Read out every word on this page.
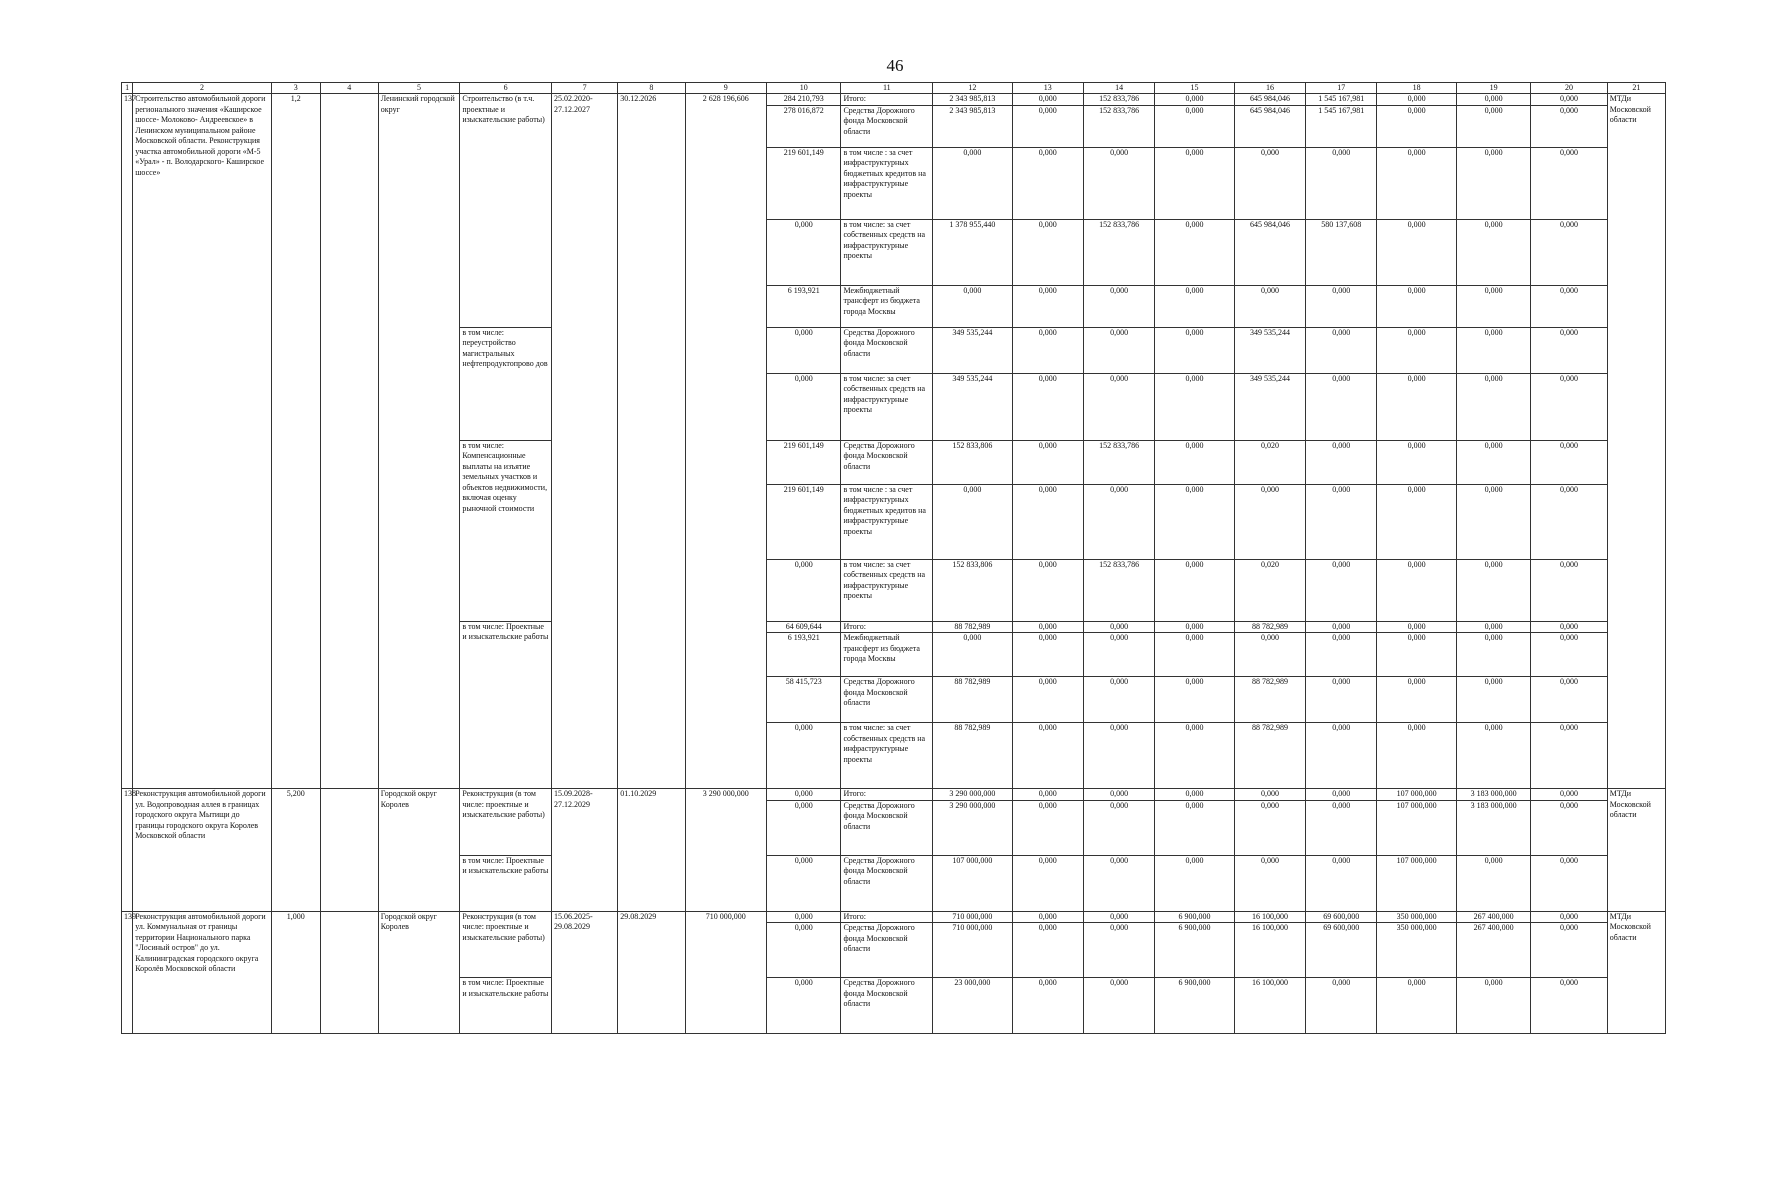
46
1	2	3	4	5	6	7	8	9	10	11	12	13	14	15	16	17	18	19	20	21
137	Строительство автомобильной дороги регионального значения «Каширское шоссе- Молоково- Андреевское» в Ленинском муниципальном районе Московской области. Реконструкция участка автомобильной дороги «М-5 «Урал» - п. Володарского- Каширское шоссе»	1,2		Ленинский городской округ	Строительство (в т.ч. проектные и изыскательские работы)	25.02.2020- 27.12.2027	30.12.2026	2 628 196,606	284 210,793	Итого:	2 343 985,813	0,000	152 833,786	0,000	645 984,046	1 545 167,981	0,000	0,000	0,000	МТДи Московской области
									278 016,872	Средства Дорожного фонда Московской области	2 343 985,813	0,000	152 833,786	0,000	645 984,046	1 545 167,981	0,000	0,000	0,000	
									219 601,149	в том числе : за счет инфраструктурных бюджетных кредитов на инфраструктурные проекты	0,000	0,000	0,000	0,000	0,000	0,000	0,000	0,000	0,000	
									0,000	в том числе: за счет собственных средств на инфраструктурные проекты	1 378 955,440	0,000	152 833,786	0,000	645 984,046	580 137,608	0,000	0,000	0,000	
									6 193,921	Межбюджетный трансферт из бюджета города Москвы	0,000	0,000	0,000	0,000	0,000	0,000	0,000	0,000	0,000	
					в том числе: переустройство магистральных нефтепродуктопрово дов				0,000	Средства Дорожного фонда Московской области	349 535,244	0,000	0,000	0,000	349 535,244	0,000	0,000	0,000	0,000	
									0,000	в том числе: за счет собственных средств на инфраструктурные проекты	349 535,244	0,000	0,000	0,000	349 535,244	0,000	0,000	0,000	0,000	
					в том числе: Компенсационные выплаты на изъятие земельных участков и объектов недвижимости, включая оценку рыночной стоимости				219 601,149	Средства Дорожного фонда Московской области	152 833,806	0,000	152 833,786	0,000	0,020	0,000	0,000	0,000	0,000	
									219 601,149	в том числе : за счет инфраструктурных бюджетных кредитов на инфраструктурные проекты	0,000	0,000	0,000	0,000	0,000	0,000	0,000	0,000	0,000	
									0,000	в том числе: за счет собственных средств на инфраструктурные проекты	152 833,806	0,000	152 833,786	0,000	0,020	0,000	0,000	0,000	0,000	
					в том числе: Проектные и изыскательские работы				64 609,644	Итого:	88 782,989	0,000	0,000	0,000	88 782,989	0,000	0,000	0,000	0,000	
									6 193,921	Межбюджетный трансферт из бюджета города Москвы	0,000	0,000	0,000	0,000	0,000	0,000	0,000	0,000	0,000	
									58 415,723	Средства Дорожного фонда Московской области	88 782,989	0,000	0,000	0,000	88 782,989	0,000	0,000	0,000	0,000	
									0,000	в том числе: за счет собственных средств на инфраструктурные проекты	88 782,989	0,000	0,000	0,000	88 782,989	0,000	0,000	0,000	0,000	
138	Реконструкция автомобильной дороги ул. Водопроводная аллея в границах городского округа Мытищи до границы городского округа Королев Московской области	5,200		Городской округ Королев	Реконструкция (в том числе: проектные и изыскательские работы)	15.09.2028- 27.12.2029	01.10.2029	3 290 000,000	0,000	Итого:	3 290 000,000	0,000	0,000	0,000	0,000	0,000	107 000,000	3 183 000,000	0,000	МТДи Московской области
									0,000	Средства Дорожного фонда Московской области	3 290 000,000	0,000	0,000	0,000	0,000	0,000	107 000,000	3 183 000,000	0,000	
					в том числе: Проектные и изыскательские работы				0,000	Средства Дорожного фонда Московской области	107 000,000	0,000	0,000	0,000	0,000	0,000	107 000,000	0,000	0,000	
139	Реконструкция автомобильной дороги ул. Коммунальная от границы территории Национального парка "Лосиный остров" до ул. Калининградская городского округа Королёв Московской области	1,000		Городской округ Королев	Реконструкция (в том числе: проектные и изыскательские работы)	15.06.2025- 29.08.2029	29.08.2029	710 000,000	0,000	Итого:	710 000,000	0,000	0,000	6 900,000	16 100,000	69 600,000	350 000,000	267 400,000	0,000	МТДи Московской области
									0,000	Средства Дорожного фонда Московской области	710 000,000	0,000	0,000	6 900,000	16 100,000	69 600,000	350 000,000	267 400,000	0,000	
					в том числе: Проектные и изыскательские работы				0,000	Средства Дорожного фонда Московской области	23 000,000	0,000	0,000	6 900,000	16 100,000	0,000	0,000	0,000	0,000	
